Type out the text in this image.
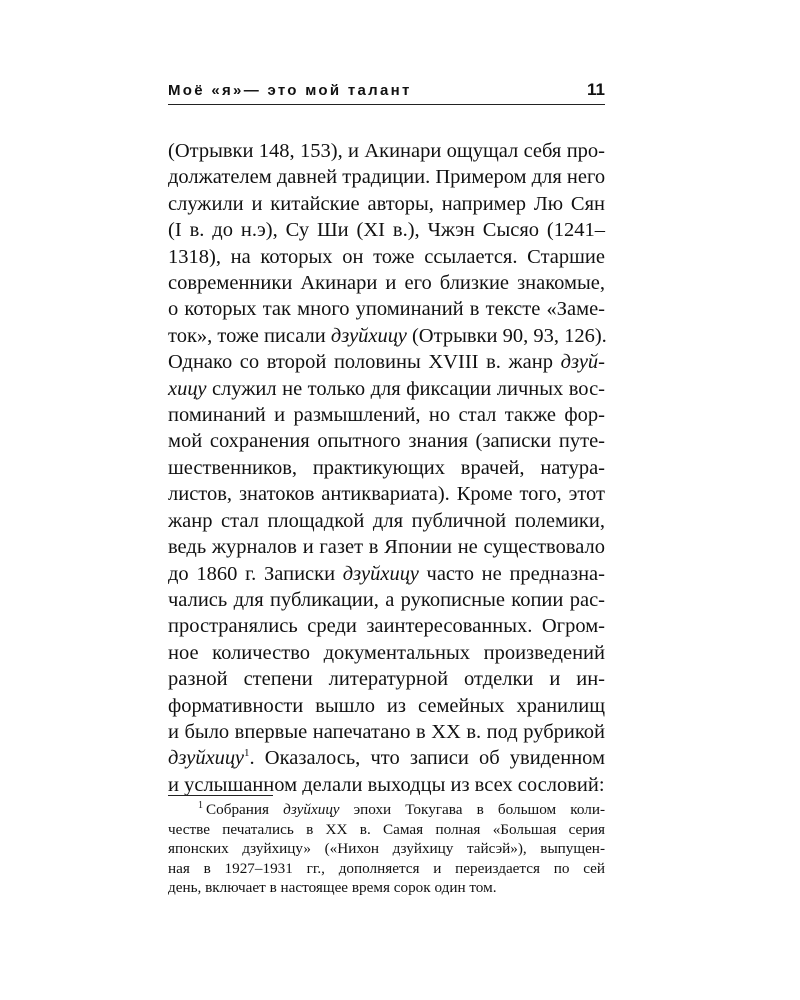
Моё «я»— это мой талант	11
(Отрывки 148, 153), и Акинари ощущал себя про-
должателем давней традиции. Примером для него
служили и китайские авторы, например Лю Сян
(I в. до н.э), Су Ши (XI в.), Чжэн Сысяо (1241–
1318), на которых он тоже ссылается. Старшие
современники Акинари и его близкие знакомые,
о которых так много упоминаний в тексте «Заме-
ток», тоже писали дзуйхицу (Отрывки 90, 93, 126).
Однако со второй половины XVIII в. жанр дзуй-
хицу служил не только для фиксации личных вос-
поминаний и размышлений, но стал также фор-
мой сохранения опытного знания (записки путе-
шественников, практикующих врачей, натура-
листов, знатоков антиквариата). Кроме того, этот
жанр стал площадкой для публичной полемики,
ведь журналов и газет в Японии не существовало
до 1860 г. Записки дзуйхицу часто не предназна-
чались для публикации, а рукописные копии рас-
пространялись среди заинтересованных. Огром-
ное количество документальных произведений
разной степени литературной отделки и ин-
формативности вышло из семейных хранилищ
и было впервые напечатано в XX в. под рубрикой
дзуйхицу$^1$. Оказалось, что записи об увиденном
и услышанном делали выходцы из всех сословий:
$^1$ Собрания дзуйхицу эпохи Токугава в большом коли-
честве печатались в XX в. Самая полная «Большая серия
японских дзуйхицу» («Нихон дзуйхицу тайсэй»), выпущен-
ная в 1927–1931 гг., дополняется и переиздается по сей
день, включает в настоящее время сорок один том.
